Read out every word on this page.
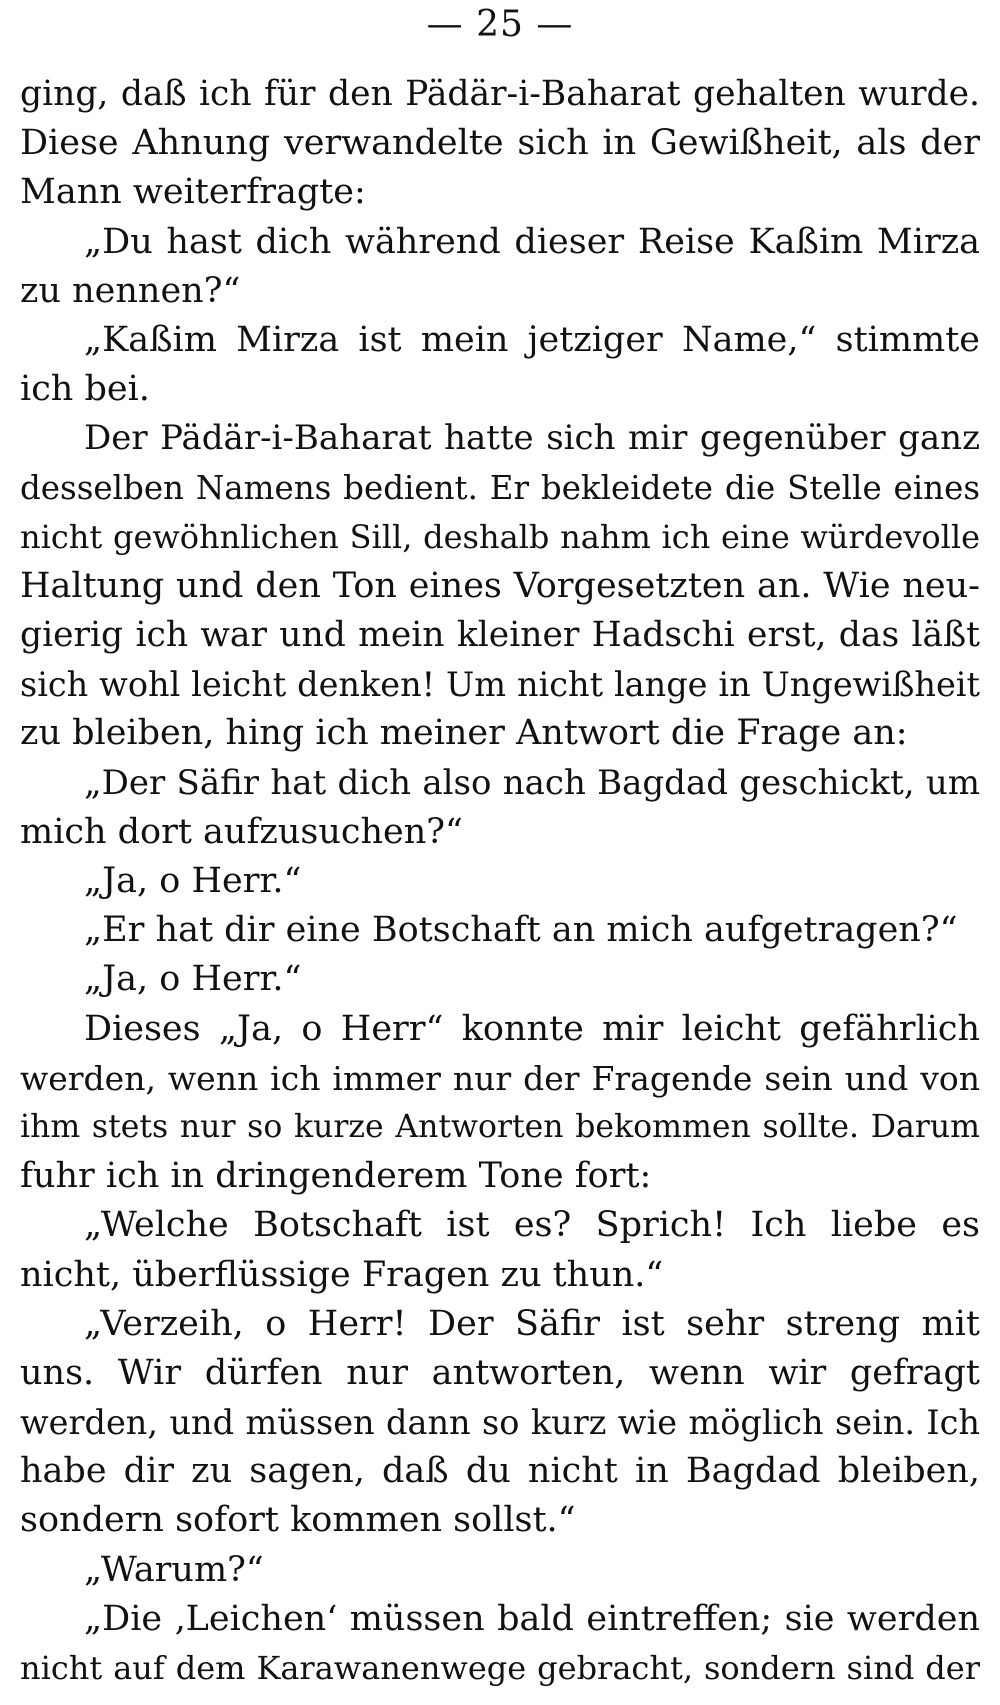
— 25 —
ging, daß ich für den Pädär-i-Baharat gehalten wurde.
Diese Ahnung verwandelte sich in Gewißheit, als der
Mann weiterfragte:
„Du hast dich während dieser Reise Kaßim Mirza
zu nennen?“
„Kaßim Mirza ist mein jetziger Name,“ stimmte
ich bei.
Der Pädär-i-Baharat hatte sich mir gegenüber ganz
desselben Namens bedient. Er bekleidete die Stelle eines
nicht gewöhnlichen Sill, deshalb nahm ich eine würdevolle
Haltung und den Ton eines Vorgesetzten an. Wie neu-
gierig ich war und mein kleiner Hadschi erst, das läßt
sich wohl leicht denken! Um nicht lange in Ungewißheit
zu bleiben, hing ich meiner Antwort die Frage an:
„Der Säfir hat dich also nach Bagdad geschickt, um
mich dort aufzusuchen?“
„Ja, o Herr.“
„Er hat dir eine Botschaft an mich aufgetragen?“
„Ja, o Herr.“
Dieses „Ja, o Herr“ konnte mir leicht gefährlich
werden, wenn ich immer nur der Fragende sein und von
ihm stets nur so kurze Antworten bekommen sollte. Darum
fuhr ich in dringenderem Tone fort:
„Welche Botschaft ist es? Sprich! Ich liebe es
nicht, überflüssige Fragen zu thun.“
„Verzeih, o Herr! Der Säfir ist sehr streng mit
uns. Wir dürfen nur antworten, wenn wir gefragt
werden, und müssen dann so kurz wie möglich sein. Ich
habe dir zu sagen, daß du nicht in Bagdad bleiben,
sondern sofort kommen sollst.“
„Warum?“
„Die ‚Leichen‘ müssen bald eintreffen; sie werden
nicht auf dem Karawanenwege gebracht, sondern sind der
